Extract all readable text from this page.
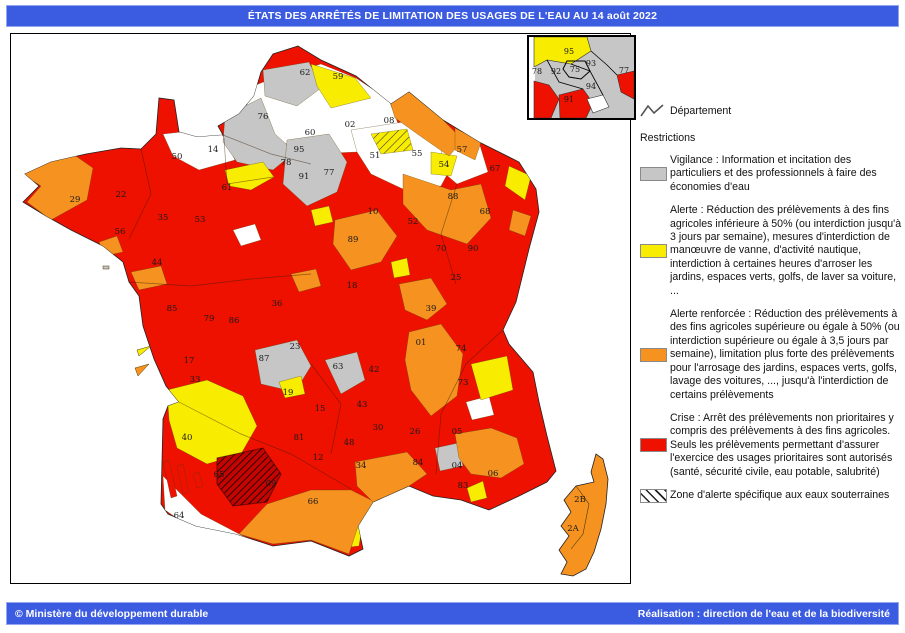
ÉTATS DES ARRÊTÉS DE LIMITATION DES USAGES DE L'EAU AU 14 août 2022
62	59
76
60
02	08
51	55
54
57
67
88
68
14
50
61
95
78
77
91
29	22
35	53
56
44
85
52
10
89
70 90
25
39
01
74
73
23
87
63	42
19
15	43
48
26	05
04
12
30
84
34
81
83
06
40
33
17
86
79
36
18
65
09
66
64
2B
2A
95
93
77
78 92 75
94
91
Département
Restrictions
Vigilance : Information et incitation des particuliers et des professionnels à faire des économies d'eau
Alerte : Réduction des prélèvements à des fins agricoles inférieure à 50% (ou interdiction jusqu'à 3 jours par semaine), mesures d'interdiction de manœuvre de vanne, d'activité nautique, interdiction à certaines heures d'arroser les jardins, espaces verts, golfs, de laver sa voiture, ...
Alerte renforcée : Réduction des prélèvements à des fins agricoles supérieure ou égale à 50% (ou interdiction supérieure ou égale à 3,5 jours par semaine), limitation plus forte des prélèvements pour l'arrosage des jardins, espaces verts, golfs, lavage des voitures, ..., jusqu'à l'interdiction de certains prélèvements
Crise : Arrêt des prélèvements non prioritaires y compris des prélèvements à des fins agricoles. Seuls les prélèvements permettant d'assurer l'exercice des usages prioritaires sont autorisés (santé, sécurité civile, eau potable, salubrité)
Zone d'alerte spécifique aux eaux souterraines
© Ministère du développement durable	Réalisation : direction de l'eau et de la biodiversité
